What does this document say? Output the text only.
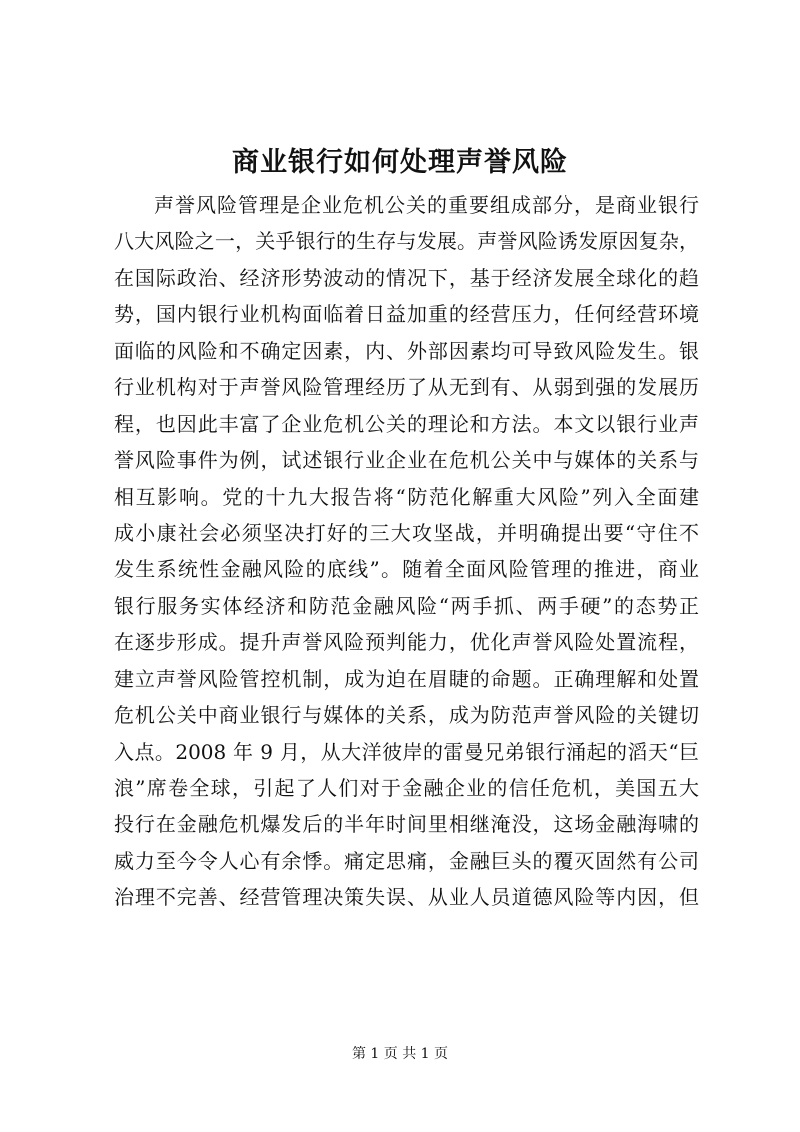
商业银行如何处理声誉风险
声誉风险管理是企业危机公关的重要组成部分，是商业银行
八大风险之一，关乎银行的生存与发展。声誉风险诱发原因复杂，
在国际政治、经济形势波动的情况下，基于经济发展全球化的趋
势，国内银行业机构面临着日益加重的经营压力，任何经营环境
面临的风险和不确定因素，内、外部因素均可导致风险发生。银
行业机构对于声誉风险管理经历了从无到有、从弱到强的发展历
程，也因此丰富了企业危机公关的理论和方法。本文以银行业声
誉风险事件为例，试述银行业企业在危机公关中与媒体的关系与
相互影响。党的十九大报告将“防范化解重大风险”列入全面建
成小康社会必须坚决打好的三大攻坚战，并明确提出要“守住不
发生系统性金融风险的底线”。随着全面风险管理的推进，商业
银行服务实体经济和防范金融风险“两手抓、两手硬”的态势正
在逐步形成。提升声誉风险预判能力，优化声誉风险处置流程，
建立声誉风险管控机制，成为迫在眉睫的命题。正确理解和处置
危机公关中商业银行与媒体的关系，成为防范声誉风险的关键切
入点。2008 年 9 月，从大洋彼岸的雷曼兄弟银行涌起的滔天“巨
浪”席卷全球，引起了人们对于金融企业的信任危机，美国五大
投行在金融危机爆发后的半年时间里相继淹没，这场金融海啸的
威力至今令人心有余悸。痛定思痛，金融巨头的覆灭固然有公司
治理不完善、经营管理决策失误、从业人员道德风险等内因，但
第 1 页 共 1 页
